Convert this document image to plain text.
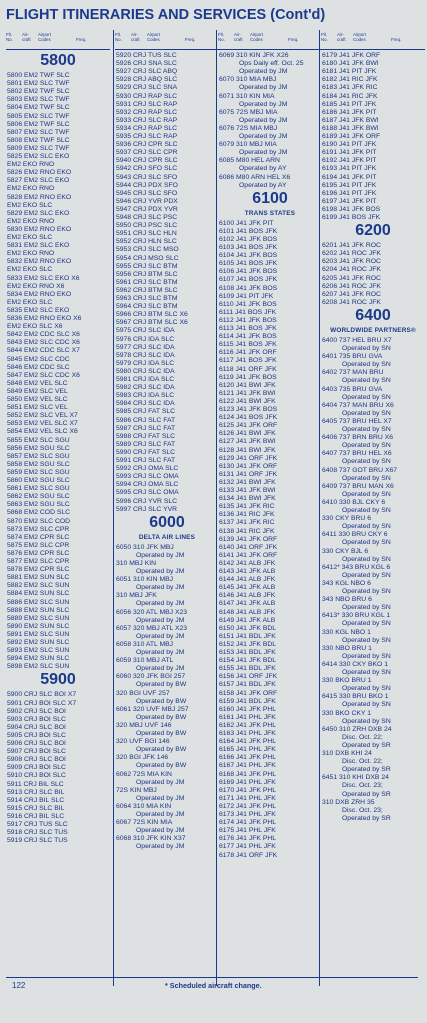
FLIGHT ITINERARIES AND SERVICES (Cont'd)
Flt.
No.
Air-
craft
Airport
Codes	Freq.
5800
5800 EM2 TWF SLC
5801 EM2 SLC TWF
5802 EM2 TWF SLC
5803 EM2 SLC TWF
5804 EM2 TWF SLC
5805 EM2 SLC TWF
5806 EM2 TWF SLC
5807 EM2 SLC TWF
5808 EM2 TWF SLC
5809 EM2 SLC TWF
5825 EM2 SLC EKO
EM2 EKO RNO
5826 EM2 RNO EKO
5827 EM2 SLC EKO
EM2 EKO RNO
5828 EM2 RNO EKO
EM2 EKO SLC
5829 EM2 SLC EKO
EM2 EKO RNO
5830 EM2 RNO EKO
EM2 EKO SLC
5831 EM2 SLC EKO
EM2 EKO RNO
5832 EM2 RNO EKO
EM2 EKO SLC
5833 EM2 SLC EKO X6
EM2 EKO RNO X6
5834 EM2 RNO EKO
EM2 EKO SLC
5835 EM2 SLC EKO
5836 EM2 RNO EKO X6
EM2 EKO SLC X6
5842 EM2 CDC SLC X6
5843 EM2 SLC CDC X6
5844 EM2 CDC SLC X7
5845 EM2 SLC CDC
5846 EM2 CDC SLC
5847 EM2 SLC CDC X6
5848 EM2 VEL SLC
5849 EM2 SLC VEL
5850 EM2 VEL SLC
5851 EM2 SLC VEL
5852 EM2 SLC VEL X7
5853 EM2 VEL SLC X7
5854 EM2 VEL SLC X6
5855 EM2 SLC SGU
5856 EM2 SGU SLC
5857 EM2 SLC SGU
5858 EM2 SGU SLC
5859 EM2 SLC SGU
5860 EM2 SGU SLC
5861 EM2 SLC SGU
5862 EM2 SGU SLC
5863 EM2 SGU SLC
5868 EM2 COD SLC
5870 EM2 SLC COD
5873 EM2 SLC CPR
5874 EM2 CPR SLC
5875 EM2 SLC CPR
5876 EM2 CPR SLC
5877 EM2 SLC CPR
5878 EM2 CPR SLC
5881 EM2 SUN SLC
5882 EM2 SLC SUN
5884 EM2 SUN SLC
5886 EM2 SLC SUN
5888 EM2 SUN SLC
5889 EM2 SLC SUN
5890 EM2 SUN SLC
5891 EM2 SLC SUN
5892 EM2 SUN SLC
5893 EM2 SLC SUN
5894 EM2 SUN SLC
5898 EM2 SLC SUN
5900
5900 CRJ SLC BOI X7
5901 CRJ BOI SLC X7
5902 CRJ SLC BOI
5903 CRJ BOI SLC
5904 CRJ SLC BOI
5905 CRJ BOI SLC
5906 CRJ SLC BOI
5907 CRJ BOI SLC
5908 CRJ SLC BOI
5909 CRJ BOI SLC
5910 CRJ BOI SLC
5911 CRJ BIL SLC
5913 CRJ SLC BIL
5914 CRJ BIL SLC
5915 CRJ SLC BIL
5916 CRJ BIL SLC
5917 CRJ TUS SLC
5918 CRJ SLC TUS
5919 CRJ SLC TUS
Flt.
No.
Air-
craft
Airport
Codes	Freq.
5920 CRJ TUS SLC
5926 CRJ SNA SLC
5927 CRJ SLC ABQ
5928 CRJ ABQ SLC
5929 CRJ SLC SNA
5930 CRJ RAP SLC
5931 CRJ SLC RAP
5932 CRJ RAP SLC
5933 CRJ SLC RAP
5934 CRJ RAP SLC
5935 CRJ SLC RAP
5936 CRJ CPR SLC
5937 CRJ SLC CPR
5940 CRJ CPR SLC
5942 CRJ SFO SLC
5943 CRJ SLC SFO
5944 CRJ PDX SFO
5945 CRJ SLC SFO
5946 CRJ YVR PDX
5947 CRJ PDX YVR
5948 CRJ SLC PSC
5950 CRJ PSC SLC
5951 CRJ SLC HLN
5952 CRJ HLN SLC
5953 CRJ SLC MSO
5954 CRJ MSO SLC
5955 CRJ SLC BTM
5956 CRJ BTM SLC
5961 CRJ SLC BTM
5962 CRJ BTM SLC
5963 CRJ SLC BTM
5964 CRJ SLC BTM
5966 CRJ BTM SLC X6
5967 CRJ BTM SLC X6
5975 CRJ SLC IDA
5976 CRJ IDA SLC
5977 CRJ SLC IDA
5978 CRJ SLC IDA
5979 CRJ IDA SLC
5980 CRJ SLC IDA
5981 CRJ IDA SLC
5982 CRJ SLC IDA
5983 CRJ IDA SLC
5984 CRJ SLC IDA
5985 CRJ FAT SLC
5986 CRJ SLC FAT
5987 CRJ SLC FAT
5988 CRJ FAT SLC
5989 CRJ SLC FAT
5990 CRJ FAT SLC
5991 CRJ SLC FAT
5992 CRJ OMA SLC
5993 CRJ SLC OMA
5994 CRJ OMA SLC
5995 CRJ SLC OMA
5996 CRJ YVR SLC
5997 CRJ SLC YVR
6000
DELTA AIR LINES
6050 310 JFK MBJ
Operated by JM
310 MBJ KIN
Operated by JM
6051 310 KIN MBJ
Operated by JM
310 MBJ JFK
Operated by JM
6056 320 ATL MBJ X23
Operated by JM
6057 320 MBJ ATL X23
Operated by JM
6058 310 ATL MBJ
Operated by JM
6059 310 MBJ ATL
Operated by JM
6060 320 JFK BGI 257
Operated by BW
320 BGI UVF 257
Operated by BW
6061 320 UVF MBJ 257
Operated by BW
320 MBJ UVF 146
Operated by BW
320 UVF BGI 146
Operated by BW
320 BGI JFK 146
Operated by BW
6062 72S MIA KIN
Operated by JM
72S KIN MBJ
Operated by JM
6064 310 MIA KIN
Operated by JM
6067 72S KIN MIA
Operated by JM
6068 310 JFK KIN X37
Operated by JM
Flt.
No.
Air-
craft
Airport
Codes	Freq.
6069 310 KIN JFK X26
Ops Daily eff. Oct. 25
Operated by JM
6070 310 MIA MBJ
Operated by JM
6071 310 KIN MIA
Operated by JM
6075 72S MBJ MIA
Operated by JM
6076 72S MIA MBJ
Operated by JM
6079 310 MBJ MIA
Operated by JM
6085 M80 HEL ARN
Operated by AY
6086 M80 ARN HEL X6
Operated by AY
6100
TRANS STATES
6100 J41 JFK PIT
6101 J41 BOS JFK
6102 J41 JFK BOS
6103 J41 BOS JFK
6104 J41 JFK BOS
6105 J41 BOS JFK
6106 J41 JFK BOS
6107 J41 BOS JFK
6108 J41 JFK BOS
6109 J41 PIT JFK
6110 J41 JFK BOS
6111 J41 BOS JFK
6112 J41 JFK BOS
6113 J41 BOS JFK
6114 J41 JFK BOS
6115 J41 BOS JFK
6116 J41 JFK ORF
6117 J41 BOS JFK
6118 J41 ORF JFK
6119 J41 JFK BOS
6120 J41 BWI JFK
6121 J41 JFK BWI
6122 J41 BWI JFK
6123 J41 JFK BOS
6124 J41 BOS JFK
6125 J41 JFK ORF
6126 J41 BWI JFK
6127 J41 JFK BWI
6128 J41 BWI JFK
6129 J41 ORF JFK
6130 J41 JFK ORF
6131 J41 ORF JFK
6132 J41 BWI JFK
6133 J41 JFK BWI
6134 J41 BWI JFK
6135 J41 JFK RIC
6136 J41 RIC JFK
6137 J41 JFK RIC
6138 J41 RIC JFK
6139 J41 JFK ORF
6140 J41 ORF JFK
6141 J41 JFK ORF
6142 J41 ALB JFK
6143 J41 JFK ALB
6144 J41 ALB JFK
6145 J41 JFK ALB
6146 J41 ALB JFK
6147 J41 JFK ALB
6148 J41 ALB JFK
6149 J41 JFK ALB
6150 J41 JFK BDL
6151 J41 BDL JFK
6152 J41 JFK BDL
6153 J41 BDL JFK
6154 J41 JFK BDL
6155 J41 BDL JFK
6156 J41 ORF JFK
6157 J41 BDL JFK
6158 J41 JFK ORF
6159 J41 BDL JFK
6160 J41 JFK PHL
6161 J41 PHL JFK
6162 J41 JFK PHL
6163 J41 PHL JFK
6164 J41 JFK PHL
6165 J41 PHL JFK
6166 J41 JFK PHL
6167 J41 PHL JFK
6168 J41 JFK PHL
6169 J41 PHL JFK
6170 J41 JFK PHL
6171 J41 PHL JFK
6172 J41 JFK PHL
6173 J41 PHL JFK
6174 J41 JFK PHL
6175 J41 PHL JFK
6176 J41 JFK PHL
6177 J41 PHL JFK
6178 J41 ORF JFK
Flt.
No.
Air-
craft
Airport
Codes	Freq.
6179 J41 JFK ORF
6180 J41 JFK BWI
6181 J41 PIT JFK
6182 J41 RIC JFK
6183 J41 JFK RIC
6184 J41 RIC JFK
6185 J41 PIT JFK
6186 J41 JFK PIT
6187 J41 JFK BWI
6188 J41 JFK BWI
6189 J41 JFK ORF
6190 J41 PIT JFK
6191 J41 JFK PIT
6192 J41 JFK PIT
6193 J41 PIT JFK
6194 J41 JFK PIT
6195 J41 PIT JFK
6196 J41 PIT JFK
6197 J41 JFK PIT
6198 J41 JFK BOS
6199 J41 BOS JFK
6200
6201 J41 JFK ROC
6202 J41 ROC JFK
6203 J41 JFK ROC
6204 J41 ROC JFK
6205 J41 JFK ROC
6206 J41 ROC JFK
6207 J41 JFK ROC
6208 J41 ROC JFK
6400
WORLDWIDE PARTNERS®
6400 737 HEL BRU X7
Operated by SN
6401 735 BRU GVA
Operated by SN
6402 737 MAN BRU
Operated by SN
6403 735 BRU GVA
Operated by SN
6404 737 MAN BRU X6
Operated by SN
6405 737 BRU HEL X7
Operated by SN
6406 737 BRN BRU X6
Operated by SN
6407 737 BRU HEL X6
Operated by SN
6408 737 GOT BRU X67
Operated by SN
6409 737 BRU MAN X6
Operated by SN
6410 330 BJL CKY 6
Operated by SN
330 CKY BRU 6
Operated by SN
6411 330 BRU CKY 6
Operated by SN
330 CKY BJL 6
Operated by SN
6412* 343 BRU KGL 6
Operated by SN
343 KGL NBO 6
Operated by SN
343 NBO BRU 6
Operated by SN
6413* 330 BRU KGL 1
Operated by SN
330 KGL NBO 1
Operated by SN
330 NBO BRU 1
Operated by SN
6414 330 CKY BKO 1
Operated by SN
330 BKO BRU 1
Operated by SN
6415 330 BRU BKO 1
Operated by SN
330 BKO CKY 1
Operated by SN
6450 310 ZRH DXB 24
Disc. Oct. 22;
Operated by SR
310 DXB KHI 24
Disc. Oct. 22;
Operated by SR
6451 310 KHI DXB 24
Disc. Oct. 23;
Operated by SR
310 DXB ZRH 35
Disc. Oct. 23;
Operated by SR
122	* Scheduled aircraft change.
